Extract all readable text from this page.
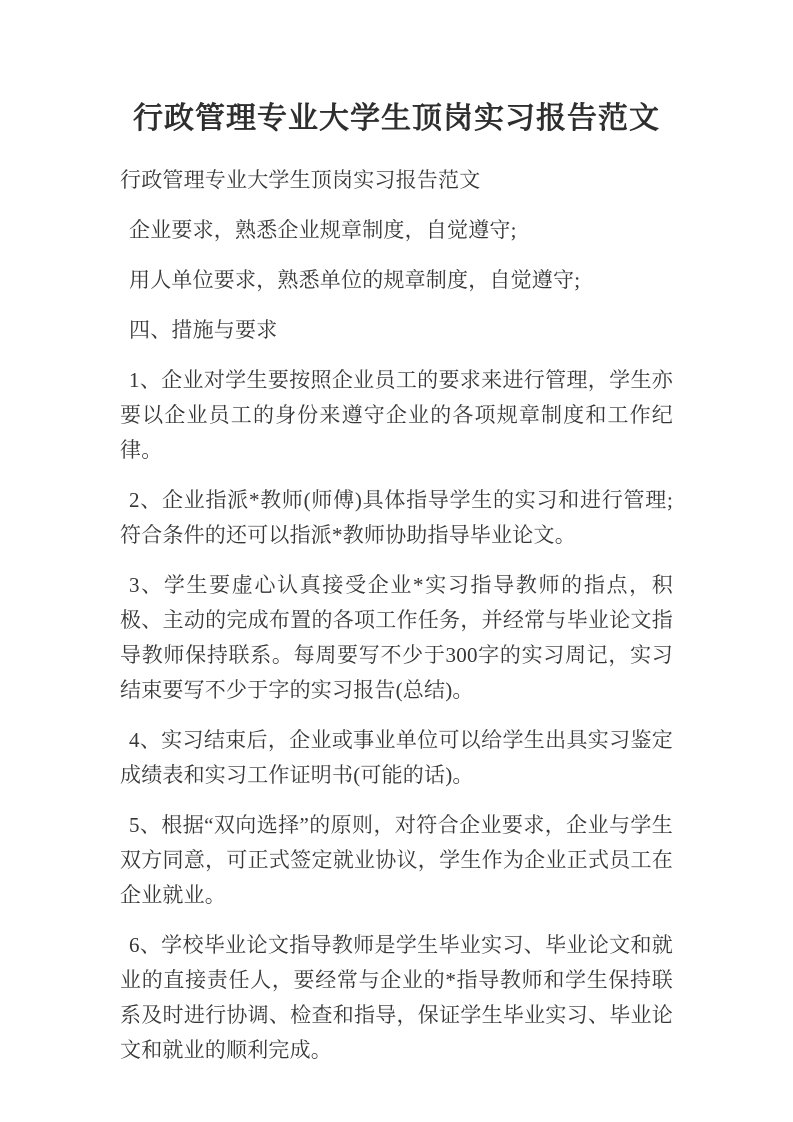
行政管理专业大学生顶岗实习报告范文

行政管理专业大学生顶岗实习报告范文

企业要求，熟悉企业规章制度，自觉遵守;

用人单位要求，熟悉单位的规章制度，自觉遵守;

四、措施与要求

1、企业对学生要按照企业员工的要求来进行管理，学生亦要以企业员工的身份来遵守企业的各项规章制度和工作纪律。

2、企业指派*教师(师傅)具体指导学生的实习和进行管理;符合条件的还可以指派*教师协助指导毕业论文。

3、学生要虚心认真接受企业*实习指导教师的指点，积极、主动的完成布置的各项工作任务，并经常与毕业论文指导教师保持联系。每周要写不少于300字的实习周记，实习结束要写不少于字的实习报告(总结)。

4、实习结束后，企业或事业单位可以给学生出具实习鉴定成绩表和实习工作证明书(可能的话)。

5、根据“双向选择”的原则，对符合企业要求，企业与学生双方同意，可正式签定就业协议，学生作为企业正式员工在企业就业。

6、学校毕业论文指导教师是学生毕业实习、毕业论文和就业的直接责任人，要经常与企业的*指导教师和学生保持联系及时进行协调、检查和指导，保证学生毕业实习、毕业论文和就业的顺利完成。
